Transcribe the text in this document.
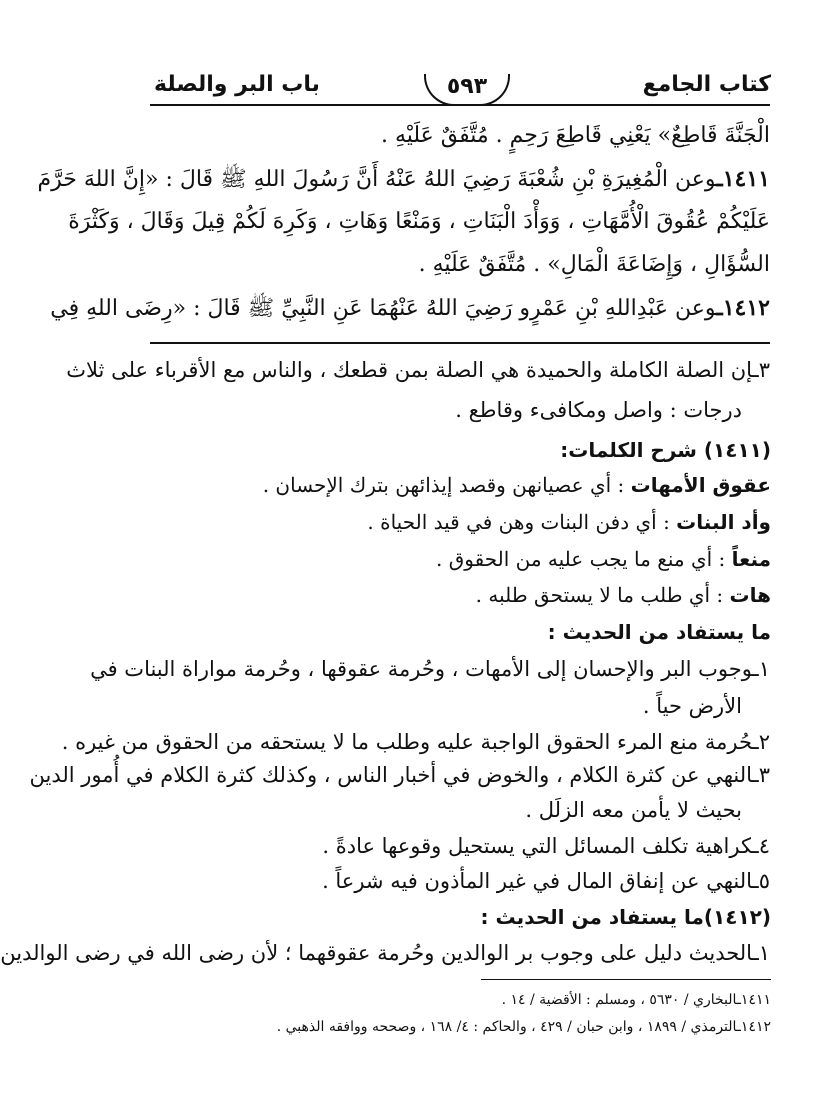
كتاب الجامع
٥٩٣
باب البر والصلة
الْجَنَّةَ قَاطِعٌ» يَعْنِي قَاطِعَ رَحِمٍ . مُتَّفَقٌ عَلَيْهِ .
١٤١١ـوعن الْمُغِيرَةِ بْنِ شُعْبَةَ رَضِيَ اللهُ عَنْهُ أَنَّ رَسُولَ اللهِ ﷺ قَالَ : «إِنَّ اللهَ حَرَّمَ
عَلَيْكُمْ عُقُوقَ الْأُمَّهَاتِ ، وَوَأْدَ الْبَنَاتِ ، وَمَنْعًا وَهَاتِ ، وَكَرِهَ لَكُمْ قِيلَ وَقَالَ ، وَكَثْرَةَ
السُّؤَالِ ، وَإِضَاعَةَ الْمَالِ» . مُتَّفَقٌ عَلَيْهِ .
١٤١٢ـوعن عَبْدِاللهِ بْنِ عَمْرٍو رَضِيَ اللهُ عَنْهُمَا عَنِ النَّبِيِّ ﷺ قَالَ : «رِضَى اللهِ فِي
٣ـإن الصلة الكاملة والحميدة هي الصلة بمن قطعك ، والناس مع الأقرباء على ثلاث
درجات : واصل ومكافىء وقاطع .
(١٤١١) شرح الكلمات:
عقوق الأمهات : أي عصيانهن وقصد إيذائهن بترك الإحسان .
وأد البنات : أي دفن البنات وهن في قيد الحياة .
منعاً : أي منع ما يجب عليه من الحقوق .
هات : أي طلب ما لا يستحق طلبه .
ما يستفاد من الحديث :
١ـوجوب البر والإحسان إلى الأمهات ، وحُرمة عقوقها ، وحُرمة مواراة البنات في
الأرض حياً .
٢ـحُرمة منع المرء الحقوق الواجبة عليه وطلب ما لا يستحقه من الحقوق من غيره .
٣ـالنهي عن كثرة الكلام ، والخوض في أخبار الناس ، وكذلك كثرة الكلام في أُمور الدين
بحيث لا يأمن معه الزلَل .
٤ـكراهية تكلف المسائل التي يستحيل وقوعها عادةً .
٥ـالنهي عن إنفاق المال في غير المأذون فيه شرعاً .
(١٤١٢)ما يستفاد من الحديث :
١ـالحديث دليل على وجوب بر الوالدين وحُرمة عقوقهما ؛ لأن رضى الله في رضى الوالدين
١٤١١ـالبخاري / ٥٦٣٠ ، ومسلم : الأقضية / ١٤ .
١٤١٢ـالترمذي / ١٨٩٩ ، وابن حبان / ٤٢٩ ، والحاكم : ٤/ ١٦٨ ، وصححه ووافقه الذهبي .
